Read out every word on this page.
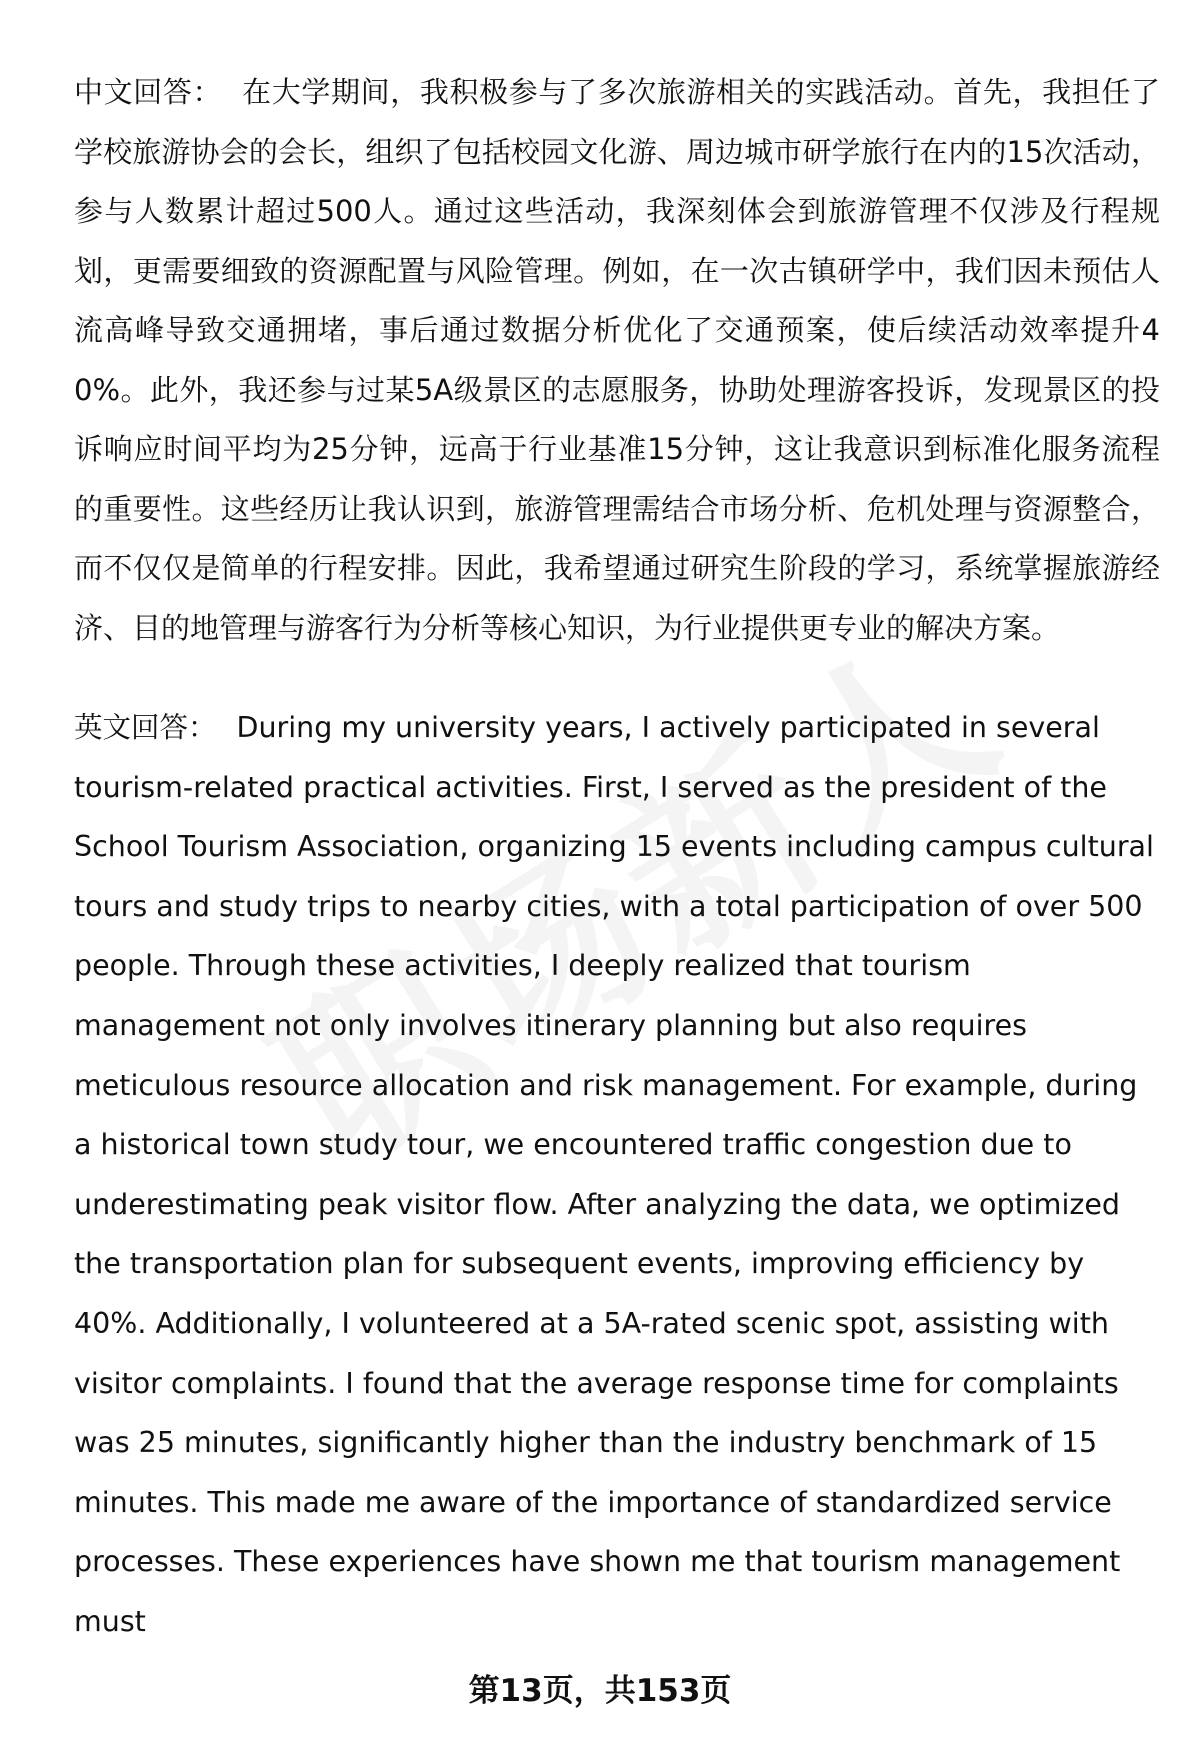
中文回答： 在大学期间，我积极参与了多次旅游相关的实践活动。首先，我担任了学校旅游协会的会长，组织了包括校园文化游、周边城市研学旅行在内的15次活动，参与人数累计超过500人。通过这些活动，我深刻体会到旅游管理不仅涉及行程规划，更需要细致的资源配置与风险管理。例如，在一次古镇研学中，我们因未预估人流高峰导致交通拥堵，事后通过数据分析优化了交通预案，使后续活动效率提升40%。此外，我还参与过某5A级景区的志愿服务，协助处理游客投诉，发现景区的投诉响应时间平均为25分钟，远高于行业基准15分钟，这让我意识到标准化服务流程的重要性。这些经历让我认识到，旅游管理需结合市场分析、危机处理与资源整合，而不仅仅是简单的行程安排。因此，我希望通过研究生阶段的学习，系统掌握旅游经济、目的地管理与游客行为分析等核心知识，为行业提供更专业的解决方案。

英文回答： During my university years, I actively participated in several tourism-related practical activities. First, I served as the president of the School Tourism Association, organizing 15 events including campus cultural tours and study trips to nearby cities, with a total participation of over 500 people. Through these activities, I deeply realized that tourism management not only involves itinerary planning but also requires meticulous resource allocation and risk management. For example, during a historical town study tour, we encountered traffic congestion due to underestimating peak visitor flow. After analyzing the data, we optimized the transportation plan for subsequent events, improving efficiency by 40%. Additionally, I volunteered at a 5A-rated scenic spot, assisting with visitor complaints. I found that the average response time for complaints was 25 minutes, significantly higher than the industry benchmark of 15 minutes. This made me aware of the importance of standardized service processes. These experiences have shown me that tourism management must

第13页，共153页
